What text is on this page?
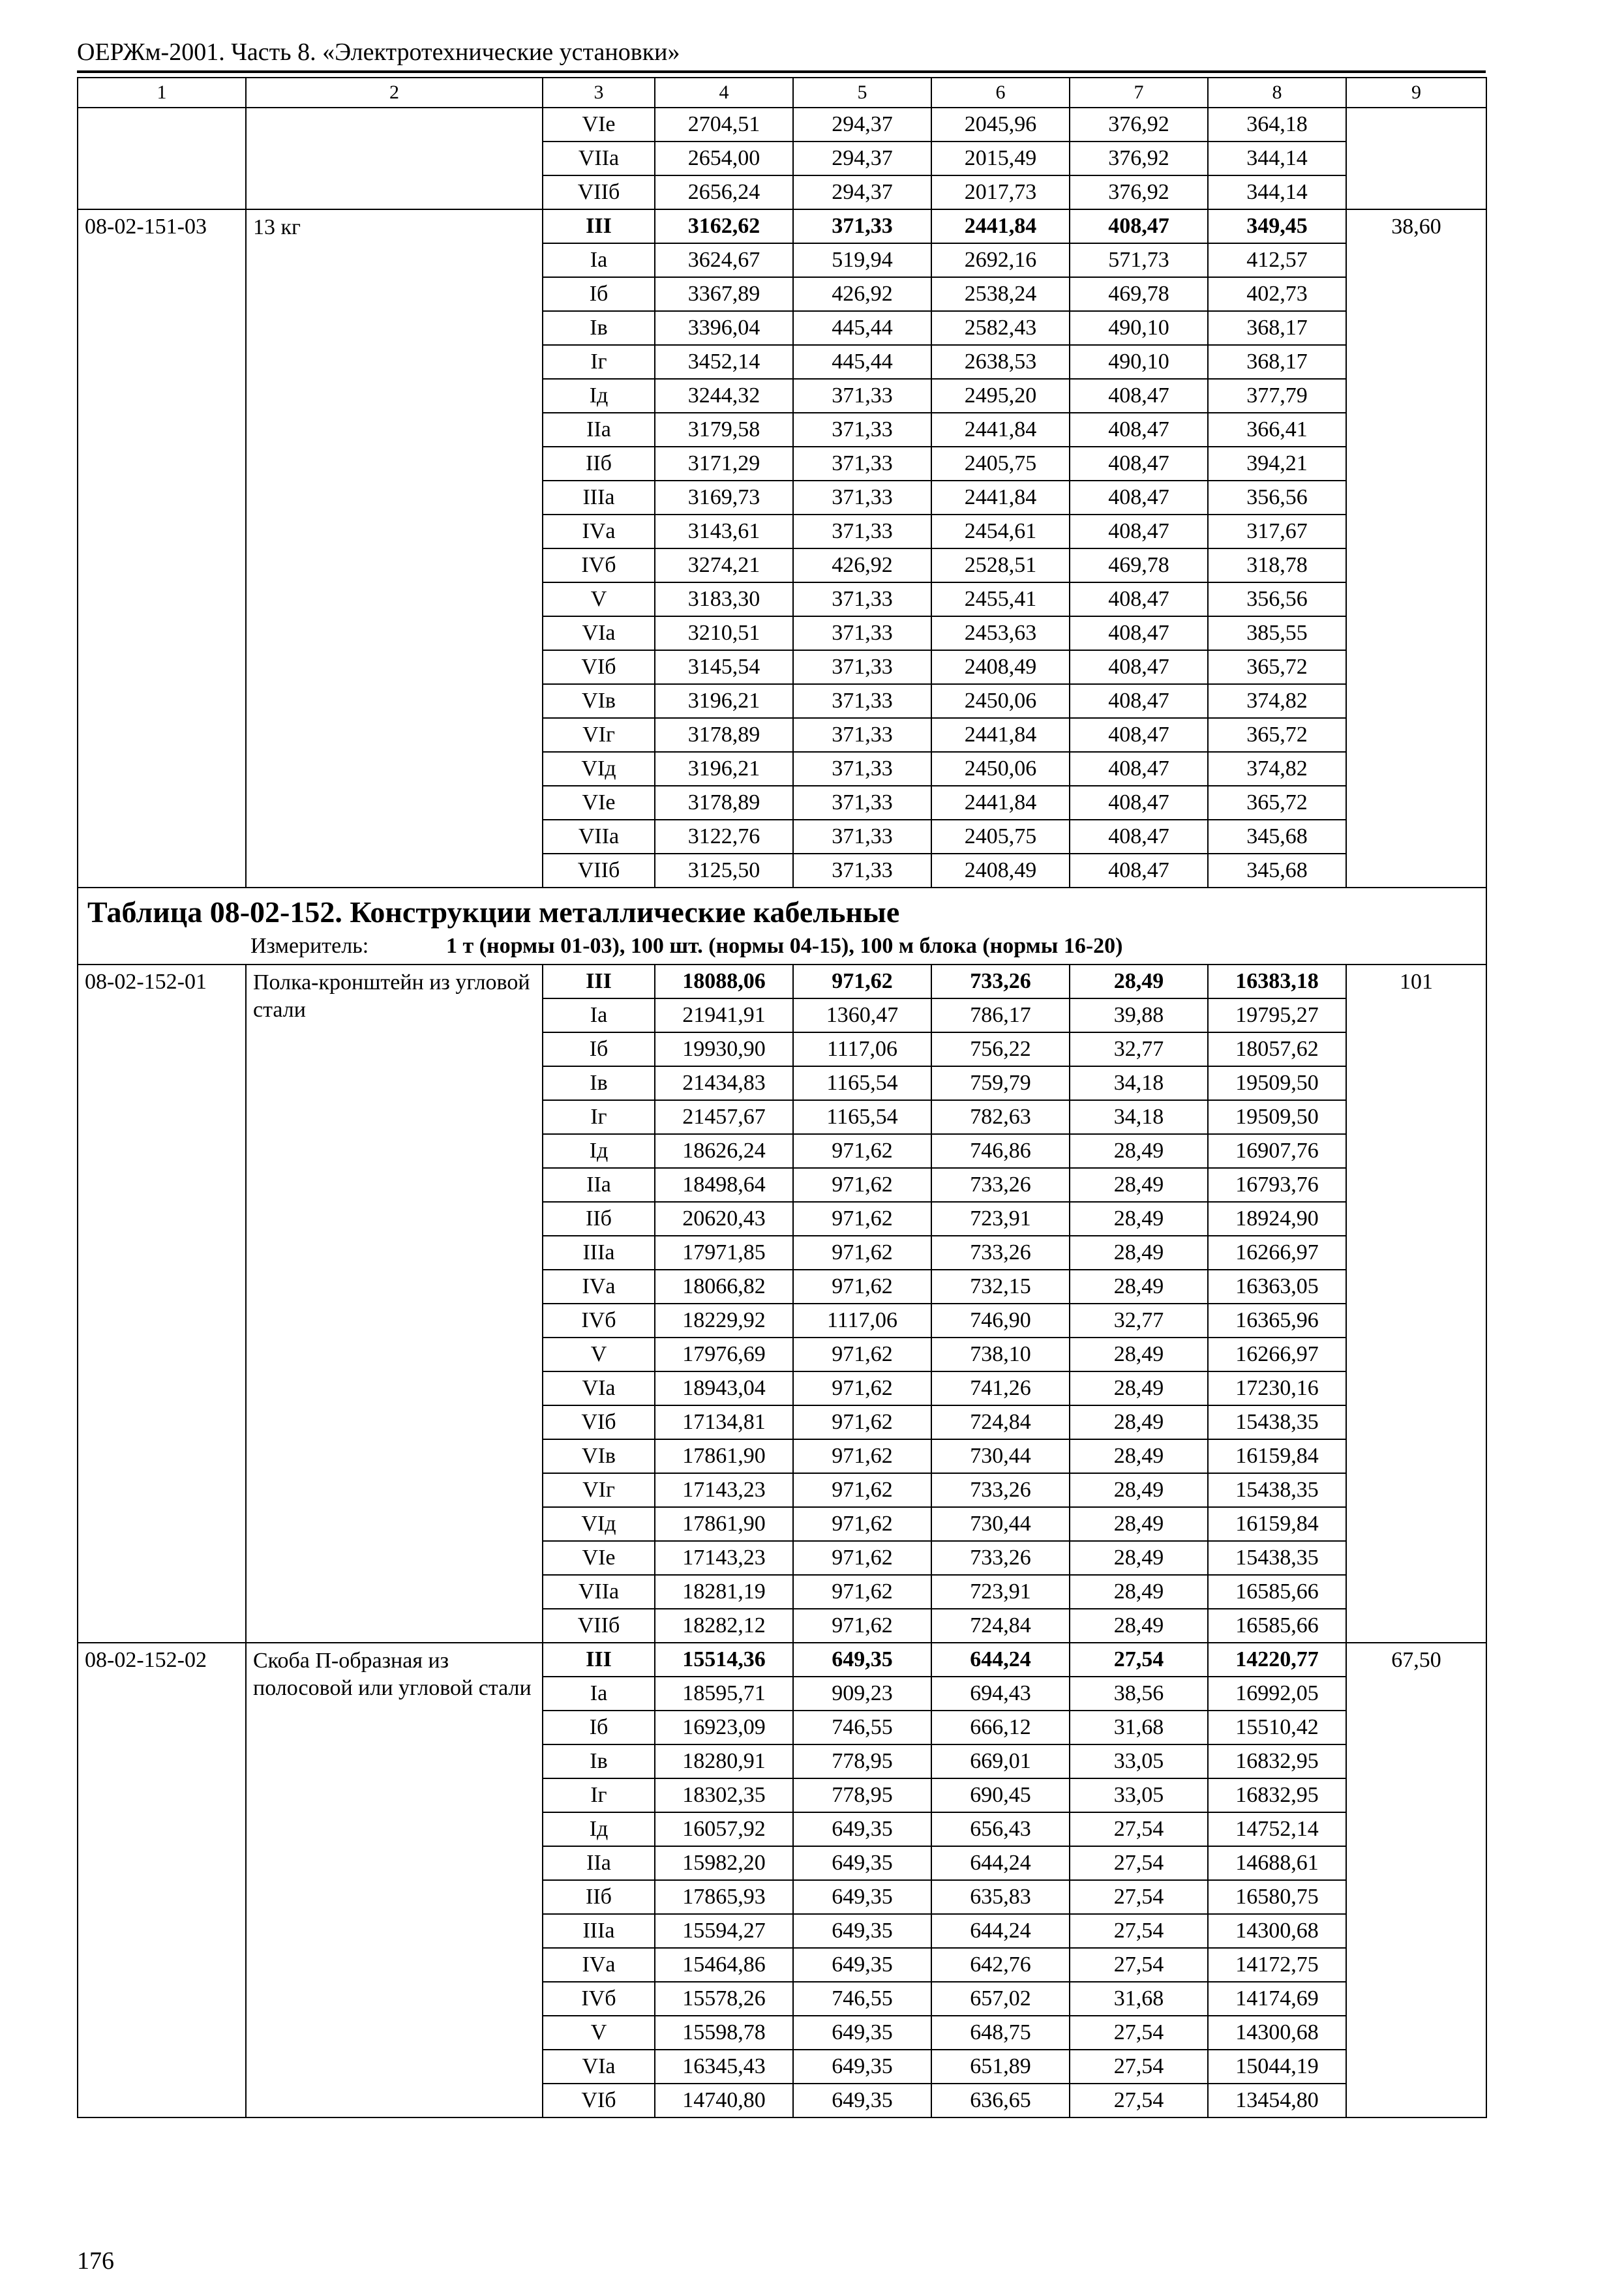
ОЕРЖм-2001. Часть 8. «Электротехнические установки»
1	2	3	4	5	6	7	8	9
		VIе	2704,51	294,37	2045,96	376,92	364,18	
		VIIа	2654,00	294,37	2015,49	376,92	344,14	
		VIIб	2656,24	294,37	2017,73	376,92	344,14	
08-02-151-03	13 кг	III	3162,62	371,33	2441,84	408,47	349,45	38,60
		Iа	3624,67	519,94	2692,16	571,73	412,57	
		Iб	3367,89	426,92	2538,24	469,78	402,73	
		Iв	3396,04	445,44	2582,43	490,10	368,17	
		Iг	3452,14	445,44	2638,53	490,10	368,17	
		Iд	3244,32	371,33	2495,20	408,47	377,79	
		IIа	3179,58	371,33	2441,84	408,47	366,41	
		IIб	3171,29	371,33	2405,75	408,47	394,21	
		IIIа	3169,73	371,33	2441,84	408,47	356,56	
		IVа	3143,61	371,33	2454,61	408,47	317,67	
		IVб	3274,21	426,92	2528,51	469,78	318,78	
		V	3183,30	371,33	2455,41	408,47	356,56	
		VIа	3210,51	371,33	2453,63	408,47	385,55	
		VIб	3145,54	371,33	2408,49	408,47	365,72	
		VIв	3196,21	371,33	2450,06	408,47	374,82	
		VIг	3178,89	371,33	2441,84	408,47	365,72	
		VIд	3196,21	371,33	2450,06	408,47	374,82	
		VIе	3178,89	371,33	2441,84	408,47	365,72	
		VIIа	3122,76	371,33	2405,75	408,47	345,68	
		VIIб	3125,50	371,33	2408,49	408,47	345,68	

Таблица 08-02-152. Конструкции металлические кабельные
Измеритель: 1 т (нормы 01-03), 100 шт. (нормы 04-15), 100 м блока (нормы 16-20)								

08-02-152-01	Полка-кронштейн из угловой стали	III	18088,06	971,62	733,26	28,49	16383,18	101
		Iа	21941,91	1360,47	786,17	39,88	19795,27	
		Iб	19930,90	1117,06	756,22	32,77	18057,62	
		Iв	21434,83	1165,54	759,79	34,18	19509,50	
		Iг	21457,67	1165,54	782,63	34,18	19509,50	
		Iд	18626,24	971,62	746,86	28,49	16907,76	
		IIа	18498,64	971,62	733,26	28,49	16793,76	
		IIб	20620,43	971,62	723,91	28,49	18924,90	
		IIIа	17971,85	971,62	733,26	28,49	16266,97	
		IVа	18066,82	971,62	732,15	28,49	16363,05	
		IVб	18229,92	1117,06	746,90	32,77	16365,96	
		V	17976,69	971,62	738,10	28,49	16266,97	
		VIа	18943,04	971,62	741,26	28,49	17230,16	
		VIб	17134,81	971,62	724,84	28,49	15438,35	
		VIв	17861,90	971,62	730,44	28,49	16159,84	
		VIг	17143,23	971,62	733,26	28,49	15438,35	
		VIд	17861,90	971,62	730,44	28,49	16159,84	
		VIе	17143,23	971,62	733,26	28,49	15438,35	
		VIIа	18281,19	971,62	723,91	28,49	16585,66	
		VIIб	18282,12	971,62	724,84	28,49	16585,66	
08-02-152-02	Скоба П-образная из полосовой или угловой стали	III	15514,36	649,35	644,24	27,54	14220,77	67,50
		Iа	18595,71	909,23	694,43	38,56	16992,05	
		Iб	16923,09	746,55	666,12	31,68	15510,42	
		Iв	18280,91	778,95	669,01	33,05	16832,95	
		Iг	18302,35	778,95	690,45	33,05	16832,95	
		Iд	16057,92	649,35	656,43	27,54	14752,14	
		IIа	15982,20	649,35	644,24	27,54	14688,61	
		IIб	17865,93	649,35	635,83	27,54	16580,75	
		IIIа	15594,27	649,35	644,24	27,54	14300,68	
		IVа	15464,86	649,35	642,76	27,54	14172,75	
		IVб	15578,26	746,55	657,02	31,68	14174,69	
		V	15598,78	649,35	648,75	27,54	14300,68	
		VIа	16345,43	649,35	651,89	27,54	15044,19	
		VIб	14740,80	649,35	636,65	27,54	13454,80	
176
